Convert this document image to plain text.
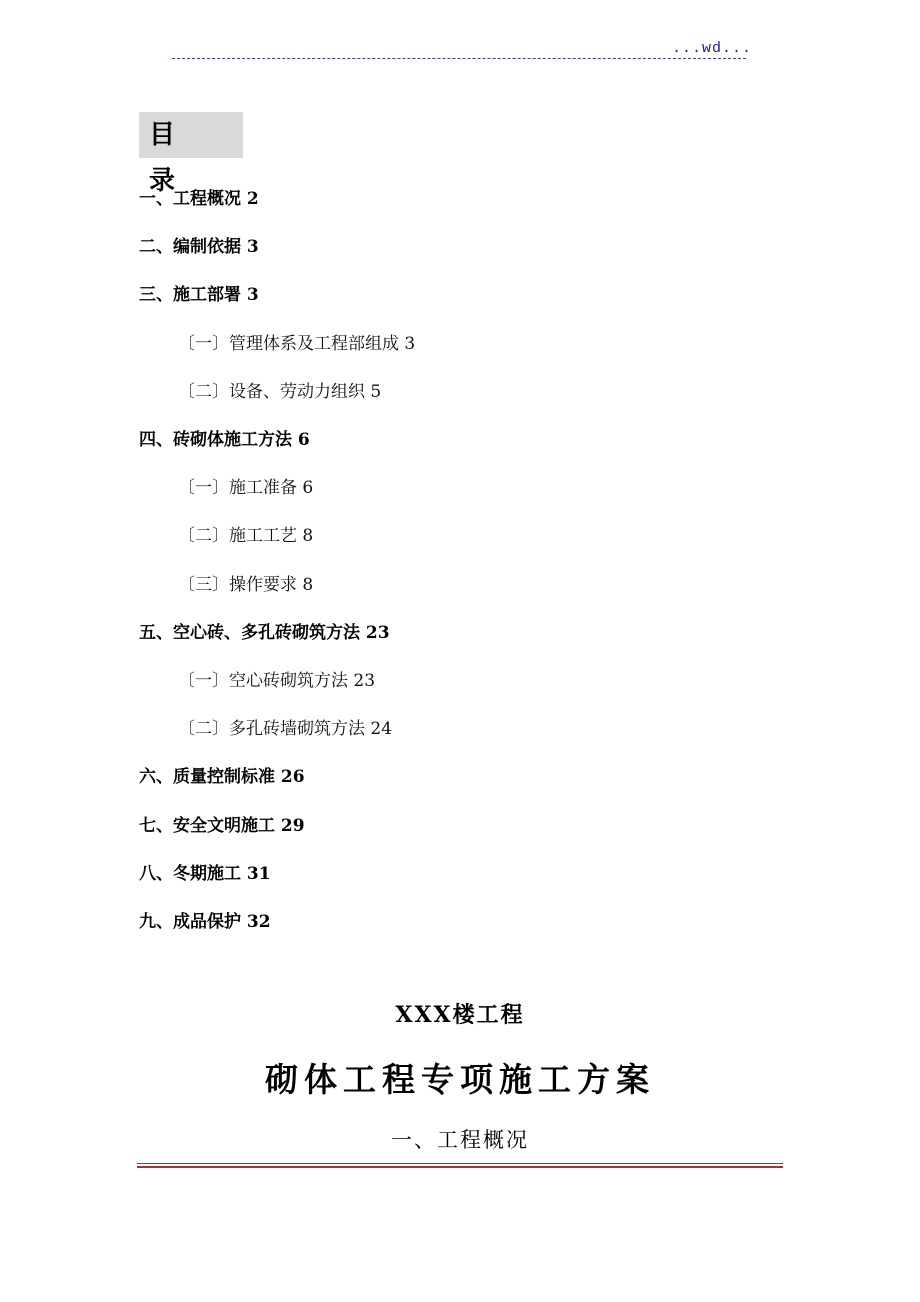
...wd...
目 录
一、工程概况 2
二、编制依据 3
三、施工部署 3
〔一〕管理体系及工程部组成 3
〔二〕设备、劳动力组织 5
四、砖砌体施工方法 6
〔一〕施工准备 6
〔二〕施工工艺 8
〔三〕操作要求 8
五、空心砖、多孔砖砌筑方法 23
〔一〕空心砖砌筑方法 23
〔二〕多孔砖墙砌筑方法 24
六、质量控制标准 26
七、安全文明施工 29
八、冬期施工 31
九、成品保护 32
XXX楼工程
砌体工程专项施工方案
一、工程概况
